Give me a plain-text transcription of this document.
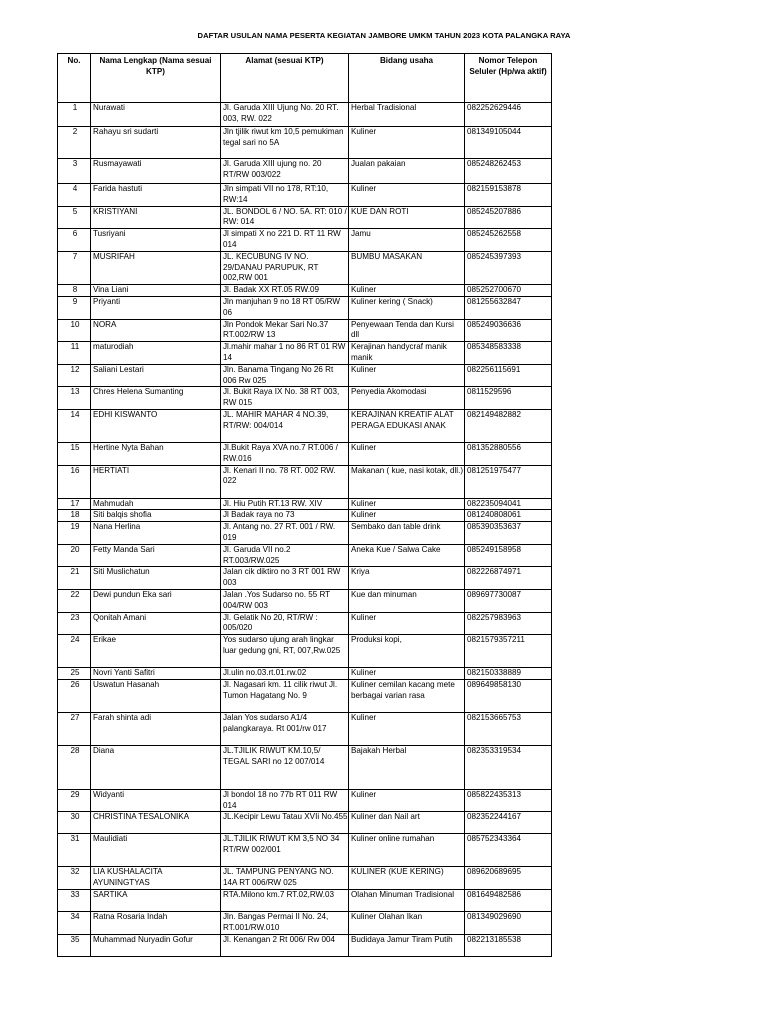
DAFTAR USULAN NAMA PESERTA KEGIATAN JAMBORE UMKM TAHUN 2023 KOTA PALANGKA RAYA
No.	Nama Lengkap (Nama sesuai KTP)	Alamat (sesuai KTP)	Bidang usaha	Nomor Telepon Seluler (Hp/wa aktif)
1	Nurawati	Jl. Garuda XIII Ujung No. 20 RT. 003, RW. 022	Herbal Tradisional	082252629446
2	Rahayu sri sudarti	Jln tjilik riwut km 10,5 pemukiman tegal sari no 5A	Kuliner	081349105044
3	Rusmayawati	Jl. Garuda XIII ujung no. 20 RT/RW 003/022	Jualan pakaian	085248262453
4	Farida hastuti	Jln simpati VII no 178, RT:10, RW:14	Kuliner	082159153878
5	KRISTIYANI	JL. BONDOL 6 / NO. 5A. RT: 010 / RW: 014	KUE DAN ROTI	085245207886
6	Tusriyani	Jl simpati X no 221 D. RT 11 RW 014	Jamu	085245262558
7	MUSRIFAH	JL. KECUBUNG IV NO. 29/DANAU PARUPUK, RT 002,RW 001	BUMBU MASAKAN	085245397393
8	Vina Liani	Jl. Badak XX RT.05 RW.09	Kuliner	085252700670
9	Priyanti	Jln manjuhan 9 no 18 RT 05/RW 06	Kuliner kering ( Snack)	081255632847
10	NORA	Jln Pondok Mekar Sari No.37 RT.002/RW 13	Penyewaan Tenda dan Kursi dll	085249036636
11	maturodiah	Jl.mahir mahar 1 no 86 RT 01 RW 14	Kerajinan handycraf manik manik	085348583338
12	Saliani Lestari	Jln. Banama Tingang No 26 Rt 006 Rw 025	Kuliner	082256115691
13	Chres Helena Sumanting	Jl. Bukit Raya IX No. 38 RT 003, RW 015	Penyedia Akomodasi	0811529596
14	EDHI KISWANTO	JL. MAHIR MAHAR 4 NO.39, RT/RW: 004/014	KERAJINAN KREATIF ALAT PERAGA EDUKASI ANAK	082149482882
15	Hertine Nyta Bahan	Jl.Bukit Raya XVA no.7 RT.006 / RW.016	Kuliner	081352880556
16	HERTIATI	Jl. Kenari II no. 78 RT. 002 RW. 022	Makanan ( kue, nasi kotak, dll.)	081251975477
17	Mahmudah	Jl. Hiu Putih RT.13 RW. XIV	Kuliner	082235094041
18	Siti balqis shofia	Jl Badak raya no 73	Kuliner	081240808061
19	Nana Herlina	Jl. Antang no. 27 RT. 001 / RW. 019	Sembako dan table drink	085390353637
20	Fetty Manda Sari	Jl. Garuda VII no.2 RT.003/RW.025	Aneka Kue / Salwa Cake	085249158958
21	Siti Muslichatun	Jalan cik diktiro no 3 RT 001 RW 003	Kriya	082226874971
22	Dewi pundun Eka sari	Jalan .Yos Sudarso no. 55 RT 004/RW 003	Kue dan minuman	089697730087
23	Qonitah Amani	Jl. Gelatik No 20, RT/RW : 005/020	Kuliner	082257983963
24	Erikae	Yos sudarso ujung arah lingkar luar gedung gni, RT, 007,Rw.025	Produksi kopi,	0821579357211
25	Novri Yanti Safitri	Jl.ulin no.03.rt.01.rw.02	Kuliner	082150338889
26	Uswatun Hasanah	Jl. Nagasari km. 11 cilik riwut Jl. Tumon Hagatang No. 9	Kuliner cemilan kacang mete berbagai varian rasa	089649858130
27	Farah shinta adi	Jalan Yos sudarso A1/4 palangkaraya. Rt 001/rw 017	Kuliner	082153665753
28	Diana	JL.TJILIK RIWUT KM.10,5/ TEGAL SARI no 12 007/014	Bajakah Herbal	082353319534
29	Widyanti	Jl bondol 18 no 77b RT 011 RW 014	Kuliner	085822435313
30	CHRISTINA TESALONIKA	JL.Kecipir Lewu Tatau XVIi No.455	Kuliner dan Nail art	082352244167
31	Maulidiati	JL.TJILIK RIWUT KM 3,5 NO 34 RT/RW 002/001	Kuliner online rumahan	085752343364
32	LIA KUSHALACITA AYUNINGTYAS	JL. TAMPUNG PENYANG NO. 14A RT 006/RW 025	KULINER (KUE KERING)	089620689695
33	SARTIKA	RTA.Milono km.7 RT.02,RW.03	Olahan Minuman Tradisional	081649482586
34	Ratna Rosaria Indah	Jln. Bangas Permai II No. 24, RT.001/RW.010	Kuliner Olahan Ikan	081349029690
35	Muhammad Nuryadin Gofur	Jl. Kenangan 2 Rt 006/ Rw 004	Budidaya Jamur Tiram Putih	082213185538
